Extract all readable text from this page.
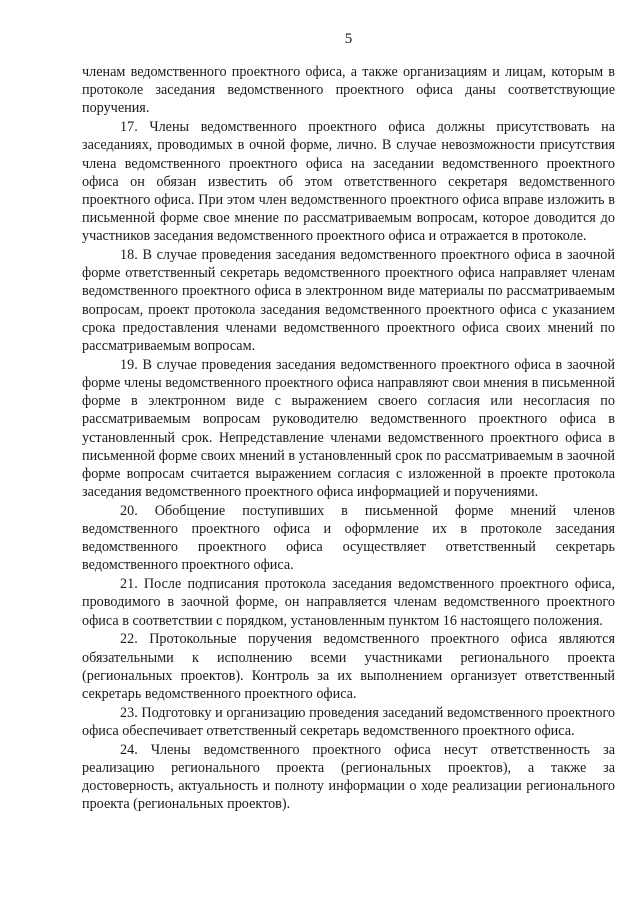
5

членам ведомственного проектного офиса, а также организациям и лицам, которым в протоколе заседания ведомственного проектного офиса даны соответствующие поручения.

17. Члены ведомственного проектного офиса должны присутствовать на заседаниях, проводимых в очной форме, лично. В случае невозможности присутствия члена ведомственного проектного офиса на заседании ведомственного проектного офиса он обязан известить об этом ответственного секретаря ведомственного проектного офиса. При этом член ведомственного проектного офиса вправе изложить в письменной форме свое мнение по рассматриваемым вопросам, которое доводится до участников заседания ведомственного проектного офиса и отражается в протоколе.

18. В случае проведения заседания ведомственного проектного офиса в заочной форме ответственный секретарь ведомственного проектного офиса направляет членам ведомственного проектного офиса в электронном виде материалы по рассматриваемым вопросам, проект протокола заседания ведомственного проектного офиса с указанием срока предоставления членами ведомственного проектного офиса своих мнений по рассматриваемым вопросам.

19. В случае проведения заседания ведомственного проектного офиса в заочной форме члены ведомственного проектного офиса направляют свои мнения в письменной форме в электронном виде с выражением своего согласия или несогласия по рассматриваемым вопросам руководителю ведомственного проектного офиса в установленный срок. Непредставление членами ведомственного проектного офиса в письменной форме своих мнений в установленный срок по рассматриваемым в заочной форме вопросам считается выражением согласия с изложенной в проекте протокола заседания ведомственного проектного офиса информацией и поручениями.

20. Обобщение поступивших в письменной форме мнений членов ведомственного проектного офиса и оформление их в протоколе заседания ведомственного проектного офиса осуществляет ответственный секретарь ведомственного проектного офиса.

21. После подписания протокола заседания ведомственного проектного офиса, проводимого в заочной форме, он направляется членам ведомственного проектного офиса в соответствии с порядком, установленным пунктом 16 настоящего положения.

22. Протокольные поручения ведомственного проектного офиса являются обязательными к исполнению всеми участниками регионального проекта (региональных проектов). Контроль за их выполнением организует ответственный секретарь ведомственного проектного офиса.

23. Подготовку и организацию проведения заседаний ведомственного проектного офиса обеспечивает ответственный секретарь ведомственного проектного офиса.

24. Члены ведомственного проектного офиса несут ответственность за реализацию регионального проекта (региональных проектов), а также за достоверность, актуальность и полноту информации о ходе реализации регионального проекта (региональных проектов).
